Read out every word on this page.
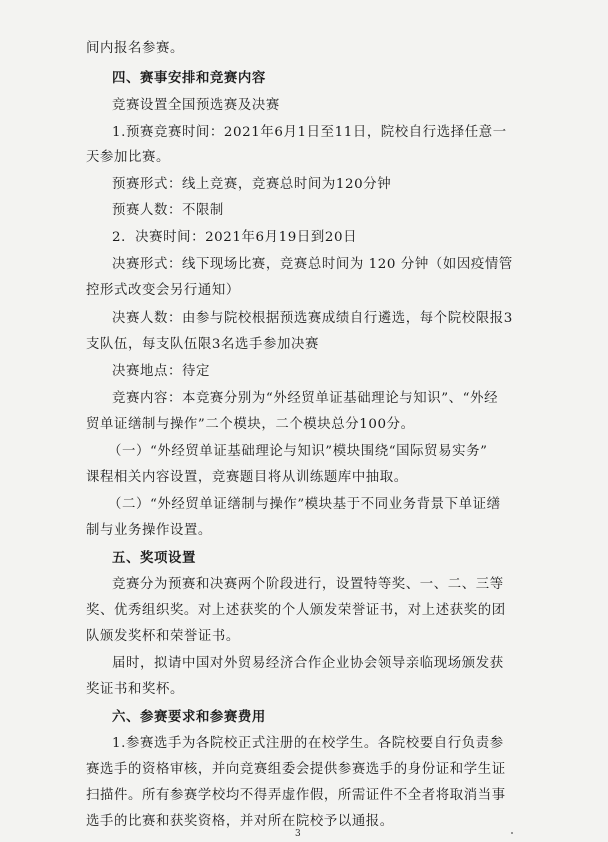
间内报名参赛。
四、赛事安排和竞赛内容
竞赛设置全国预选赛及决赛
1.预赛竞赛时间：2021年6月1日至11日，院校自行选择任意一
天参加比赛。
预赛形式：线上竞赛，竞赛总时间为120分钟
预赛人数：不限制
2．决赛时间：2021年6月19日到20日
决赛形式：线下现场比赛，竞赛总时间为 120 分钟（如因疫情管
控形式改变会另行通知）
决赛人数：由参与院校根据预选赛成绩自行遴选，每个院校限报3
支队伍，每支队伍限3名选手参加决赛
决赛地点：待定
竞赛内容：本竞赛分别为“外经贸单证基础理论与知识”、“外经
贸单证缮制与操作”二个模块，二个模块总分100分。
（一）“外经贸单证基础理论与知识”模块围绕“国际贸易实务”
课程相关内容设置，竞赛题目将从训练题库中抽取。
（二）“外经贸单证缮制与操作”模块基于不同业务背景下单证缮
制与业务操作设置。
五、奖项设置
竞赛分为预赛和决赛两个阶段进行，设置特等奖、一、二、三等
奖、优秀组织奖。对上述获奖的个人颁发荣誉证书，对上述获奖的团
队颁发奖杯和荣誉证书。
届时，拟请中国对外贸易经济合作企业协会领导亲临现场颁发获
奖证书和奖杯。
六、参赛要求和参赛费用
3
1.参赛选手为各院校正式注册的在校学生。各院校要自行负责参
赛选手的资格审核，并向竞赛组委会提供参赛选手的身份证和学生证
扫描件。所有参赛学校均不得弄虚作假，所需证件不全者将取消当事
选手的比赛和获奖资格，并对所在院校予以通报。
